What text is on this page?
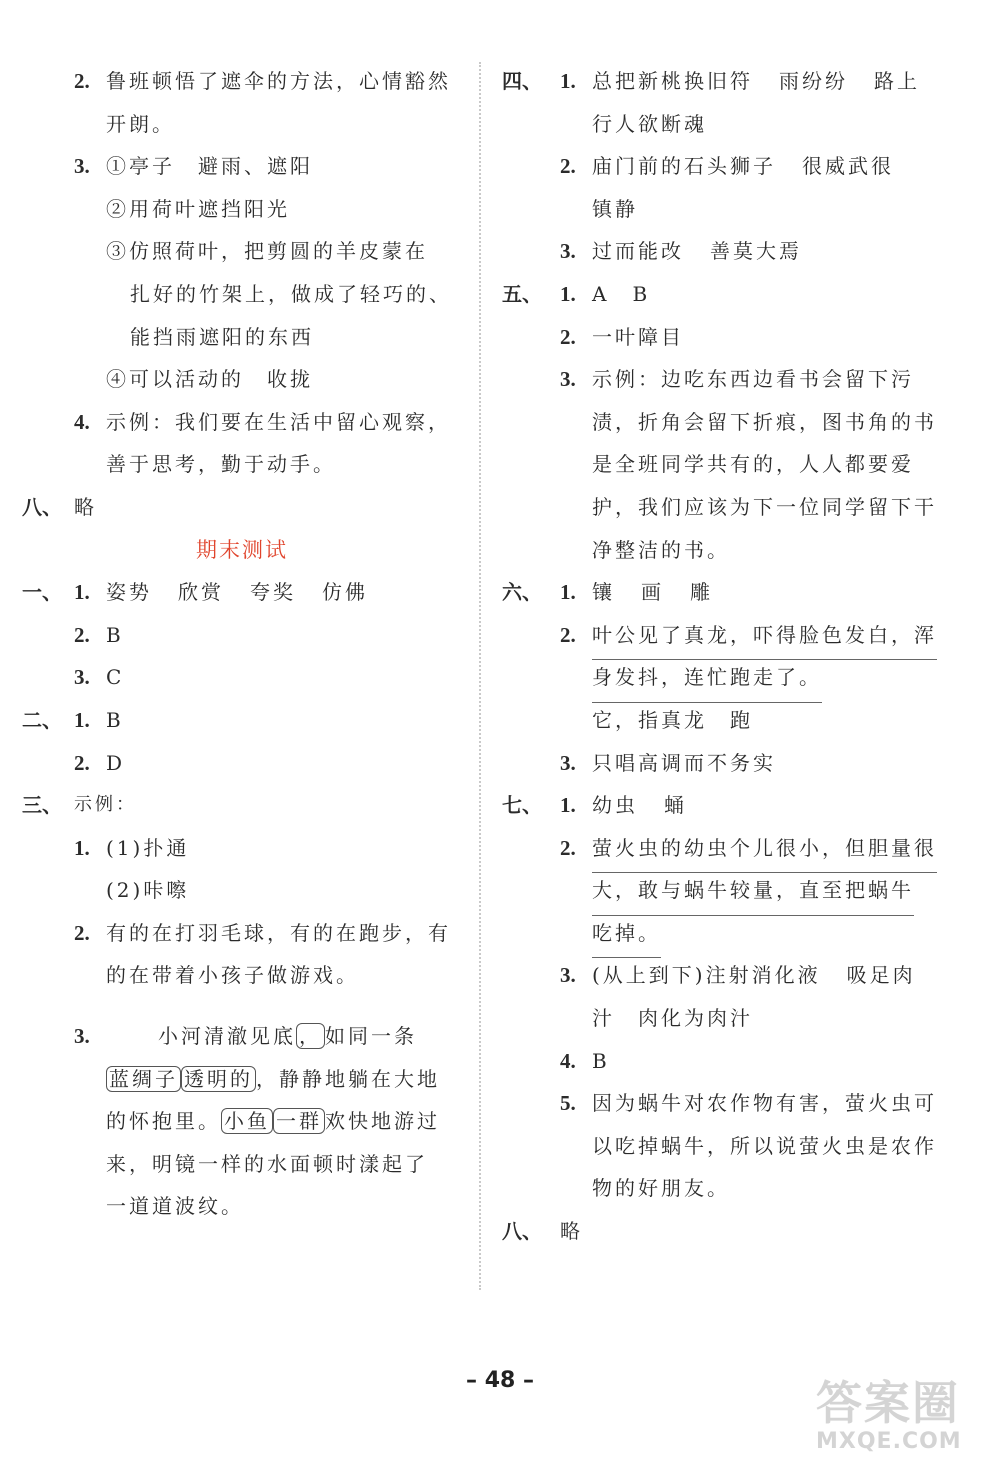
2. 鲁班顿悟了遮伞的方法，心情豁然
开朗。
3. ①亭子　避雨、遮阳
②用荷叶遮挡阳光
③仿照荷叶，把剪圆的羊皮蒙在
扎好的竹架上，做成了轻巧的、
能挡雨遮阳的东西
④可以活动的　收拢
4. 示例：我们要在生活中留心观察，
善于思考，勤于动手。
八、 略
期末测试
一、 1. 姿势 欣赏 夸奖 仿佛
2. B
3. C
二、 1. B
2. D
三、 示例：
1. (1)扑通
(2)咔嚓
2. 有的在打羽毛球，有的在跑步，有
的在带着小孩子做游戏。
3.	小河清澈见底 ， 如同一条
蓝绸子 透明的 ，静静地躺在大地
的怀抱里。 小鱼 一群 欢快地游过
来，明镜一样的水面顿时漾起了
一道道波纹。
四、 1. 总把新桃换旧符 雨纷纷 路上
行人欲断魂
2. 庙门前的石头狮子 很威武很
镇静
3. 过而能改 善莫大焉
五、 1. A　B
2. 一叶障目
3. 示例：边吃东西边看书会留下污
渍，折角会留下折痕，图书角的书
是全班同学共有的，人人都要爱
护，我们应该为下一位同学留下干
净整洁的书。
六、 1. 镶 画 雕
2. 叶公见了真龙，吓得脸色发白，浑
身发抖，连忙跑走了。
它，指真龙　跑
3. 只唱高调而不务实
七、 1. 幼虫 蛹
2. 萤火虫的幼虫个儿很小，但胆量很
大，敢与蜗牛较量，直至把蜗牛
吃掉。
3. (从上到下)注射消化液 吸足肉
汁　肉化为肉汁
4. B
5. 因为蜗牛对农作物有害，萤火虫可
以吃掉蜗牛，所以说萤火虫是农作
物的好朋友。
八、 略
– 48 –	答案圈
MXQE.COM
